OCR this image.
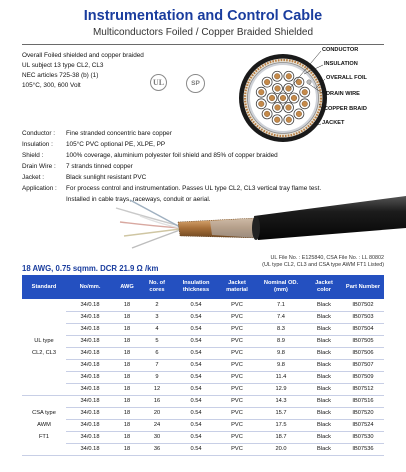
Instrumentation and Control Cable
Multiconductors Foiled / Copper Braided Shielded
Overall Foiled shielded and copper braided
UL subject 13 type CL2, CL3
NEC articles 725-38 (b) (1)
105°C, 300, 600 Volt	UL	SP
CONDUCTOR
INSULATION
OVERALL FOIL
DRAIN WIRE
COPPER BRAID
JACKET
Conductor : Fine stranded concentric bare copper
Insulation : 105°C PVC optional PE, XLPE, PP
Shield :	100% coverage, aluminium polyester foil shield and 85% of copper braided
Drain Wire : 7 strands tinned copper
Jacket :	Black sunlight resistant PVC
Application : For process control and instrumentation. Passes UL type CL2, CL3 vertical tray flame test.
Installed in cable trays, raceways, conduit or aerial.
UL File No. : E125840, CSA File No. : LL 80802
(UL type CL2, CL3 and CSA type AWM FT1 Listed)
18 AWG, 0.75 sqmm. DCR 21.9 Ω /km
Standard	No/mm.	AWG	No. of cores	Insulation thickness	Jacket material	Nominal OD.(mm)	Jacket color	Part Number

UL type
CL2, CL3	34/0.18	18	2	0.54	PVC	7.1	Black	IB07502
	34/0.18	18	3	0.54	PVC	7.4	Black	IB07503
	34/0.18	18	4	0.54	PVC	8.3	Black	IB07504
	34/0.18	18	5	0.54	PVC	8.9	Black	IB07505
	34/0.18	18	6	0.54	PVC	9.8	Black	IB07506
	34/0.18	18	7	0.54	PVC	9.8	Black	IB07507
	34/0.18	18	9	0.54	PVC	11.4	Black	IB07509
	34/0.18	18	12	0.54	PVC	12.9	Black	IB07512

CSA type
AWM
FT1	34/0.18	18	16	0.54	PVC	14.3	Black	IB07516
	34/0.18	18	20	0.54	PVC	15.7	Black	IB07520
	34/0.18	18	24	0.54	PVC	17.5	Black	IB07524
	34/0.18	18	30	0.54	PVC	18.7	Black	IB07530
	34/0.18	18	36	0.54	PVC	20.0	Black	IB07536
